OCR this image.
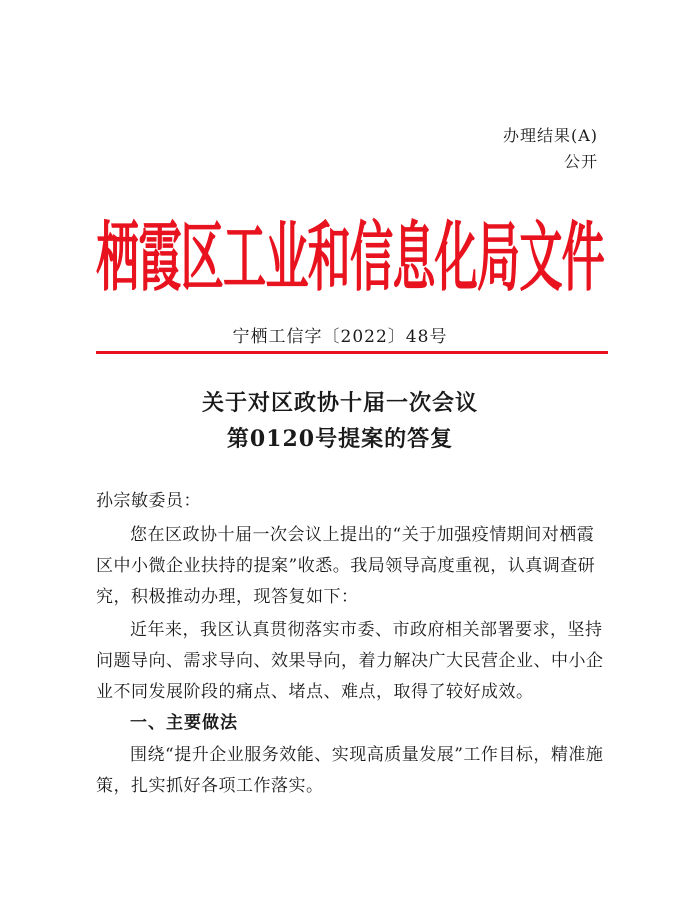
办理结果(A)
公开
栖霞区工业和信息化局文件
宁栖工信字〔2022〕48号
关于对区政协十届一次会议
第0120号提案的答复
孙宗敏委员：
您在区政协十届一次会议上提出的“关于加强疫情期间对栖霞区中小微企业扶持的提案”收悉。我局领导高度重视，认真调查研究，积极推动办理，现答复如下：
近年来，我区认真贯彻落实市委、市政府相关部署要求，坚持问题导向、需求导向、效果导向，着力解决广大民营企业、中小企业不同发展阶段的痛点、堵点、难点，取得了较好成效。
一、主要做法
围绕“提升企业服务效能、实现高质量发展”工作目标，精准施策，扎实抓好各项工作落实。
